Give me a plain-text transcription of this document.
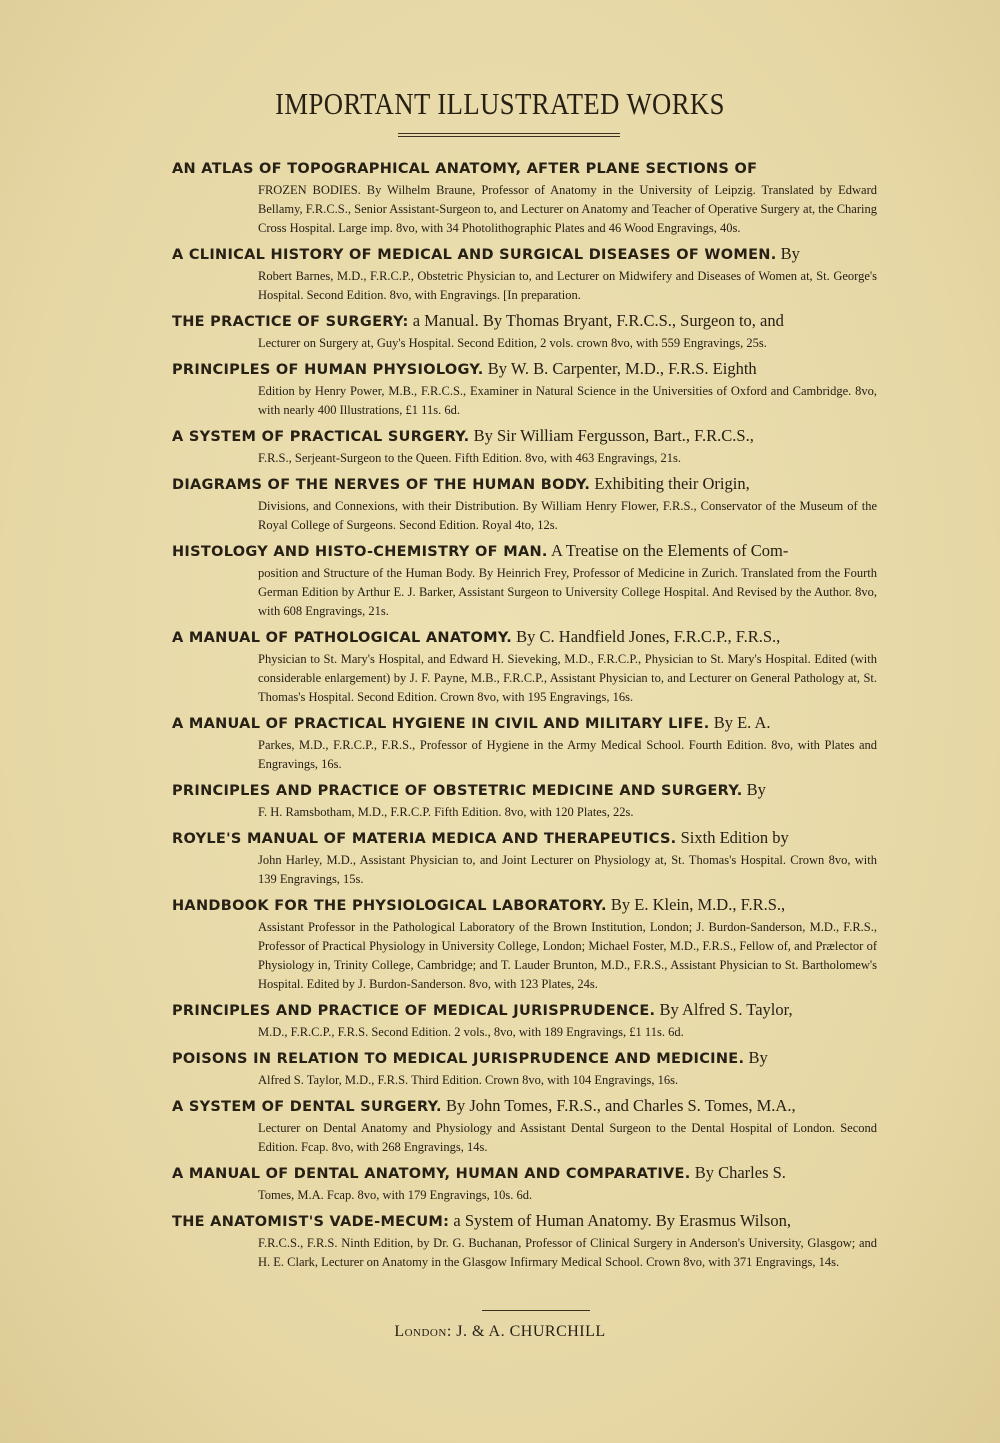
IMPORTANT ILLUSTRATED WORKS
AN ATLAS OF TOPOGRAPHICAL ANATOMY, AFTER PLANE SECTIONS OF
FROZEN BODIES. By Wilhelm Braune, Professor of Anatomy in the University of Leipzig. Translated by Edward Bellamy, F.R.C.S., Senior Assistant-Surgeon to, and Lecturer on Anatomy and Teacher of Operative Surgery at, the Charing Cross Hospital. Large imp. 8vo, with 34 Photolithographic Plates and 46 Wood Engravings, 40s.
A CLINICAL HISTORY OF MEDICAL AND SURGICAL DISEASES OF WOMEN. By
Robert Barnes, M.D., F.R.C.P., Obstetric Physician to, and Lecturer on Midwifery and Diseases of Women at, St. George's Hospital. Second Edition. 8vo, with Engravings. [In preparation.
THE PRACTICE OF SURGERY: a Manual. By Thomas Bryant, F.R.C.S., Surgeon to, and
Lecturer on Surgery at, Guy's Hospital. Second Edition, 2 vols. crown 8vo, with 559 Engravings, 25s.
PRINCIPLES OF HUMAN PHYSIOLOGY. By W. B. Carpenter, M.D., F.R.S. Eighth
Edition by Henry Power, M.B., F.R.C.S., Examiner in Natural Science in the Universities of Oxford and Cambridge. 8vo, with nearly 400 Illustrations, £1 11s. 6d.
A SYSTEM OF PRACTICAL SURGERY. By Sir William Fergusson, Bart., F.R.C.S.,
F.R.S., Serjeant-Surgeon to the Queen. Fifth Edition. 8vo, with 463 Engravings, 21s.
DIAGRAMS OF THE NERVES OF THE HUMAN BODY. Exhibiting their Origin,
Divisions, and Connexions, with their Distribution. By William Henry Flower, F.R.S., Conservator of the Museum of the Royal College of Surgeons. Second Edition. Royal 4to, 12s.
HISTOLOGY AND HISTO-CHEMISTRY OF MAN. A Treatise on the Elements of Com-
position and Structure of the Human Body. By Heinrich Frey, Professor of Medicine in Zurich. Translated from the Fourth German Edition by Arthur E. J. Barker, Assistant Surgeon to University College Hospital. And Revised by the Author. 8vo, with 608 Engravings, 21s.
A MANUAL OF PATHOLOGICAL ANATOMY. By C. Handfield Jones, F.R.C.P., F.R.S.,
Physician to St. Mary's Hospital, and Edward H. Sieveking, M.D., F.R.C.P., Physician to St. Mary's Hospital. Edited (with considerable enlargement) by J. F. Payne, M.B., F.R.C.P., Assistant Physician to, and Lecturer on General Pathology at, St. Thomas's Hospital. Second Edition. Crown 8vo, with 195 Engravings, 16s.
A MANUAL OF PRACTICAL HYGIENE IN CIVIL AND MILITARY LIFE. By E. A.
Parkes, M.D., F.R.C.P., F.R.S., Professor of Hygiene in the Army Medical School. Fourth Edition. 8vo, with Plates and Engravings, 16s.
PRINCIPLES AND PRACTICE OF OBSTETRIC MEDICINE AND SURGERY. By
F. H. Ramsbotham, M.D., F.R.C.P. Fifth Edition. 8vo, with 120 Plates, 22s.
ROYLE'S MANUAL OF MATERIA MEDICA AND THERAPEUTICS. Sixth Edition by
John Harley, M.D., Assistant Physician to, and Joint Lecturer on Physiology at, St. Thomas's Hospital. Crown 8vo, with 139 Engravings, 15s.
HANDBOOK FOR THE PHYSIOLOGICAL LABORATORY. By E. Klein, M.D., F.R.S.,
Assistant Professor in the Pathological Laboratory of the Brown Institution, London; J. Burdon-Sanderson, M.D., F.R.S., Professor of Practical Physiology in University College, London; Michael Foster, M.D., F.R.S., Fellow of, and Prælector of Physiology in, Trinity College, Cambridge; and T. Lauder Brunton, M.D., F.R.S., Assistant Physician to St. Bartholomew's Hospital. Edited by J. Burdon-Sanderson. 8vo, with 123 Plates, 24s.
PRINCIPLES AND PRACTICE OF MEDICAL JURISPRUDENCE. By Alfred S. Taylor,
M.D., F.R.C.P., F.R.S. Second Edition. 2 vols., 8vo, with 189 Engravings, £1 11s. 6d.
POISONS IN RELATION TO MEDICAL JURISPRUDENCE AND MEDICINE. By
Alfred S. Taylor, M.D., F.R.S. Third Edition. Crown 8vo, with 104 Engravings, 16s.
A SYSTEM OF DENTAL SURGERY. By John Tomes, F.R.S., and Charles S. Tomes, M.A.,
Lecturer on Dental Anatomy and Physiology and Assistant Dental Surgeon to the Dental Hospital of London. Second Edition. Fcap. 8vo, with 268 Engravings, 14s.
A MANUAL OF DENTAL ANATOMY, HUMAN AND COMPARATIVE. By Charles S.
Tomes, M.A. Fcap. 8vo, with 179 Engravings, 10s. 6d.
THE ANATOMIST'S VADE-MECUM: a System of Human Anatomy. By Erasmus Wilson,
F.R.C.S., F.R.S. Ninth Edition, by Dr. G. Buchanan, Professor of Clinical Surgery in Anderson's University, Glasgow; and H. E. Clark, Lecturer on Anatomy in the Glasgow Infirmary Medical School. Crown 8vo, with 371 Engravings, 14s.
London: J. & A. CHURCHILL
